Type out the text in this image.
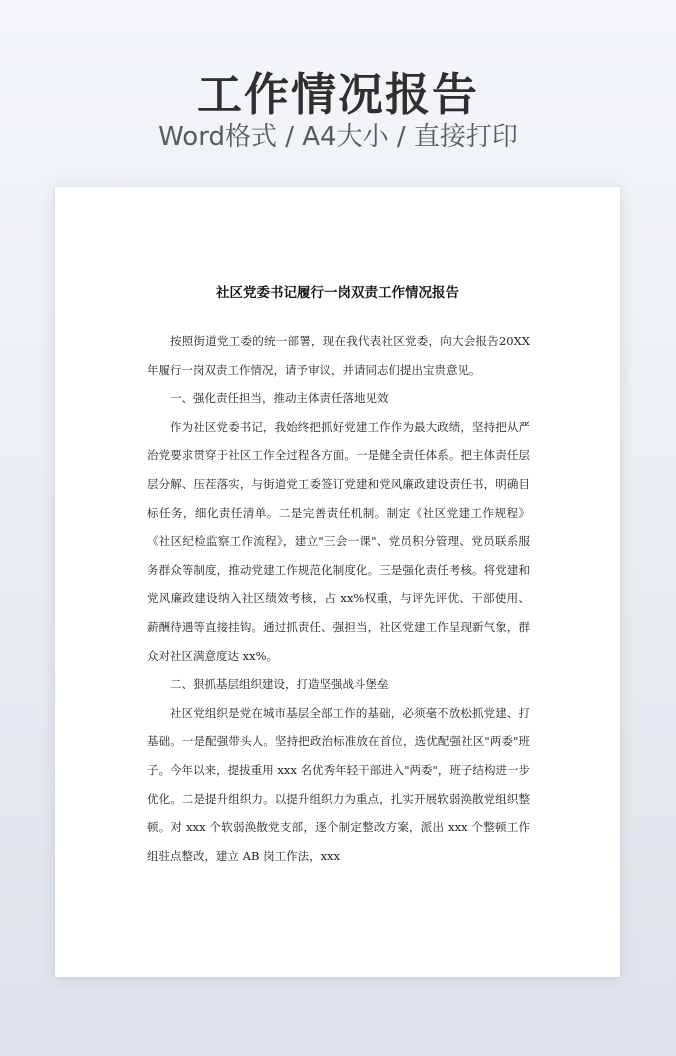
工作情况报告
Word格式 / A4大小 / 直接打印
社区党委书记履行一岗双责工作情况报告

按照街道党工委的统一部署，现在我代表社区党委，向大会报告20XX 年履行一岗双责工作情况，请予审议，并请同志们提出宝贵意见。

一、强化责任担当，推动主体责任落地见效

作为社区党委书记，我始终把抓好党建工作作为最大政绩，坚持把从严治党要求贯穿于社区工作全过程各方面。一是健全责任体系。把主体责任层层分解、压茬落实，与街道党工委签订党建和党风廉政建设责任书，明确目标任务，细化责任清单。二是完善责任机制。制定《社区党建工作规程》《社区纪检监察工作流程》，建立"三会一课"、党员积分管理、党员联系服务群众等制度，推动党建工作规范化制度化。三是强化责任考核。将党建和党风廉政建设纳入社区绩效考核，占 xx%权重，与评先评优、干部使用、薪酬待遇等直接挂钩。通过抓责任、强担当，社区党建工作呈现新气象，群众对社区满意度达 xx%。

二、狠抓基层组织建设，打造坚强战斗堡垒

社区党组织是党在城市基层全部工作的基础，必须毫不放松抓党建、打基础。一是配强带头人。坚持把政治标准放在首位，选优配强社区"两委"班子。今年以来，提拔重用 xxx 名优秀年轻干部进入"两委"，班子结构进一步优化。二是提升组织力。以提升组织力为重点，扎实开展软弱涣散党组织整顿。对 xxx 个软弱涣散党支部，逐个制定整改方案，派出 xxx 个整顿工作组驻点整改，建立 AB 岗工作法，xxx
